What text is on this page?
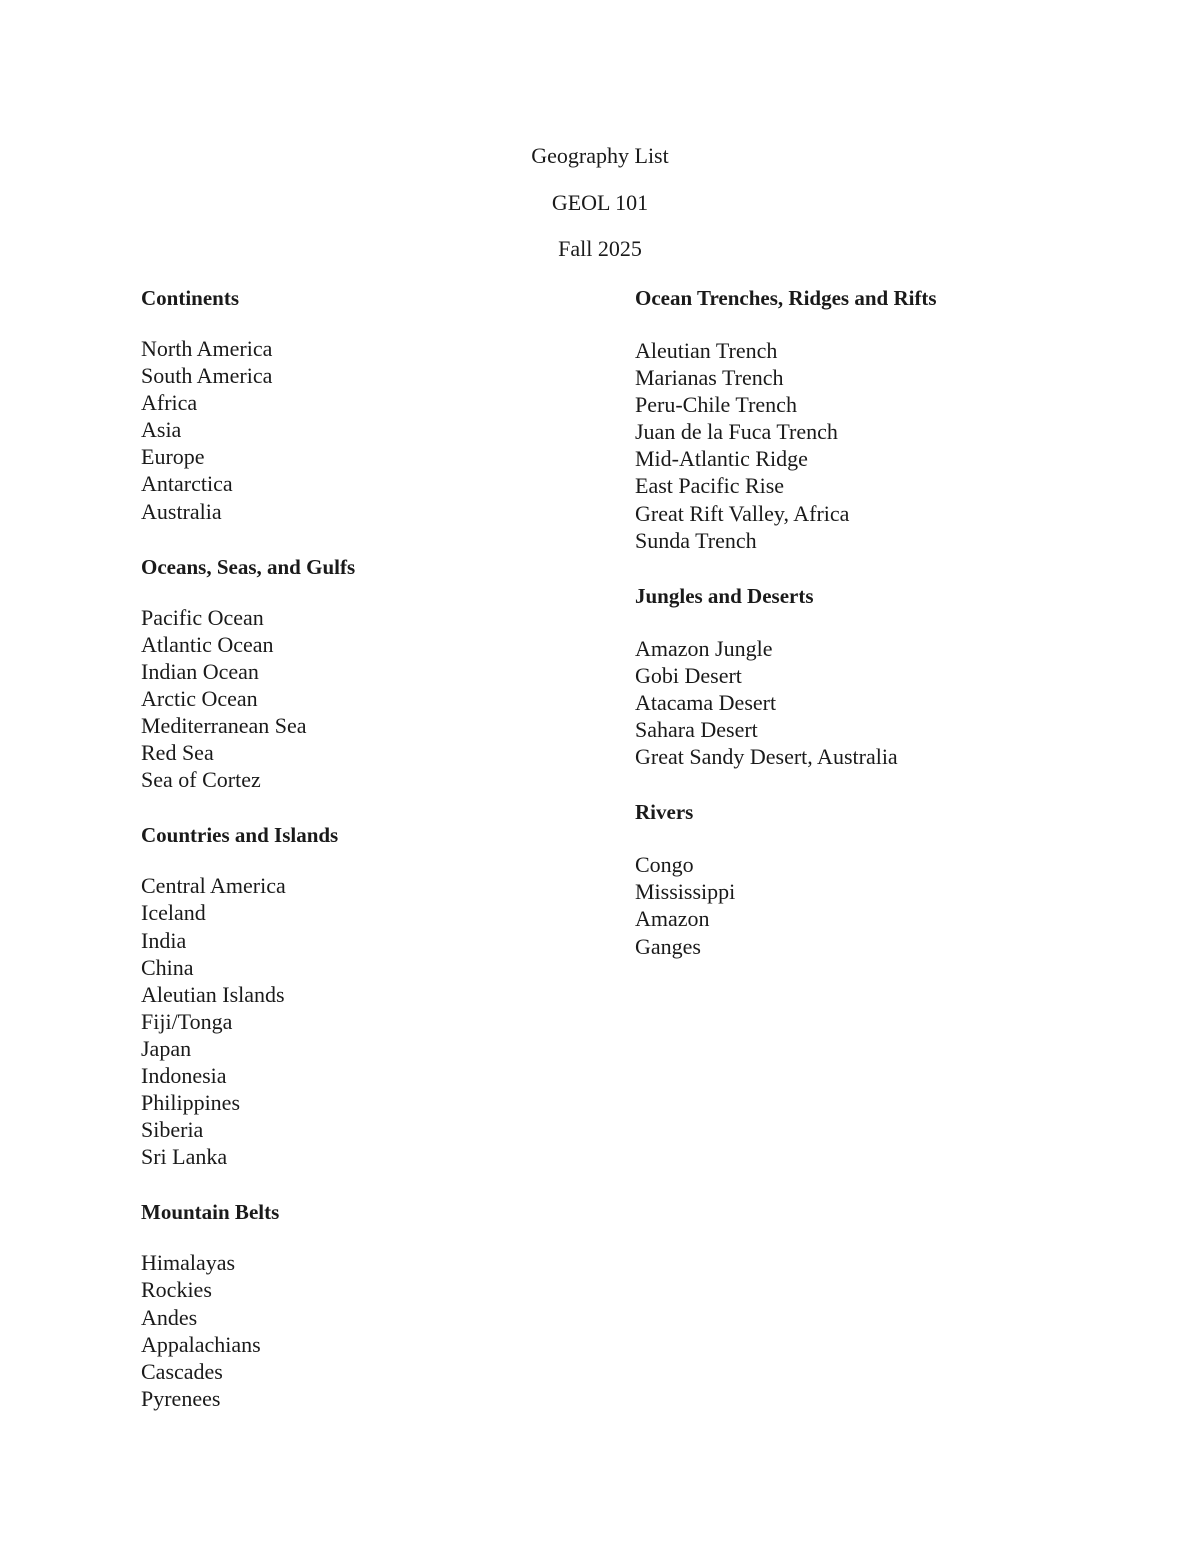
Geography List
GEOL 101
Fall 2025
Continents
North America
South America
Africa
Asia
Europe
Antarctica
Australia
Oceans, Seas, and Gulfs
Pacific Ocean
Atlantic Ocean
Indian Ocean
Arctic Ocean
Mediterranean Sea
Red Sea
Sea of Cortez
Countries and Islands
Central America
Iceland
India
China
Aleutian Islands
Fiji/Tonga
Japan
Indonesia
Philippines
Siberia
Sri Lanka
Mountain Belts
Himalayas
Rockies
Andes
Appalachians
Cascades
Pyrenees
Ocean Trenches, Ridges and Rifts
Aleutian Trench
Marianas Trench
Peru-Chile Trench
Juan de la Fuca Trench
Mid-Atlantic Ridge
East Pacific Rise
Great Rift Valley, Africa
Sunda Trench
Jungles and Deserts
Amazon Jungle
Gobi Desert
Atacama Desert
Sahara Desert
Great Sandy Desert, Australia
Rivers
Congo
Mississippi
Amazon
Ganges
